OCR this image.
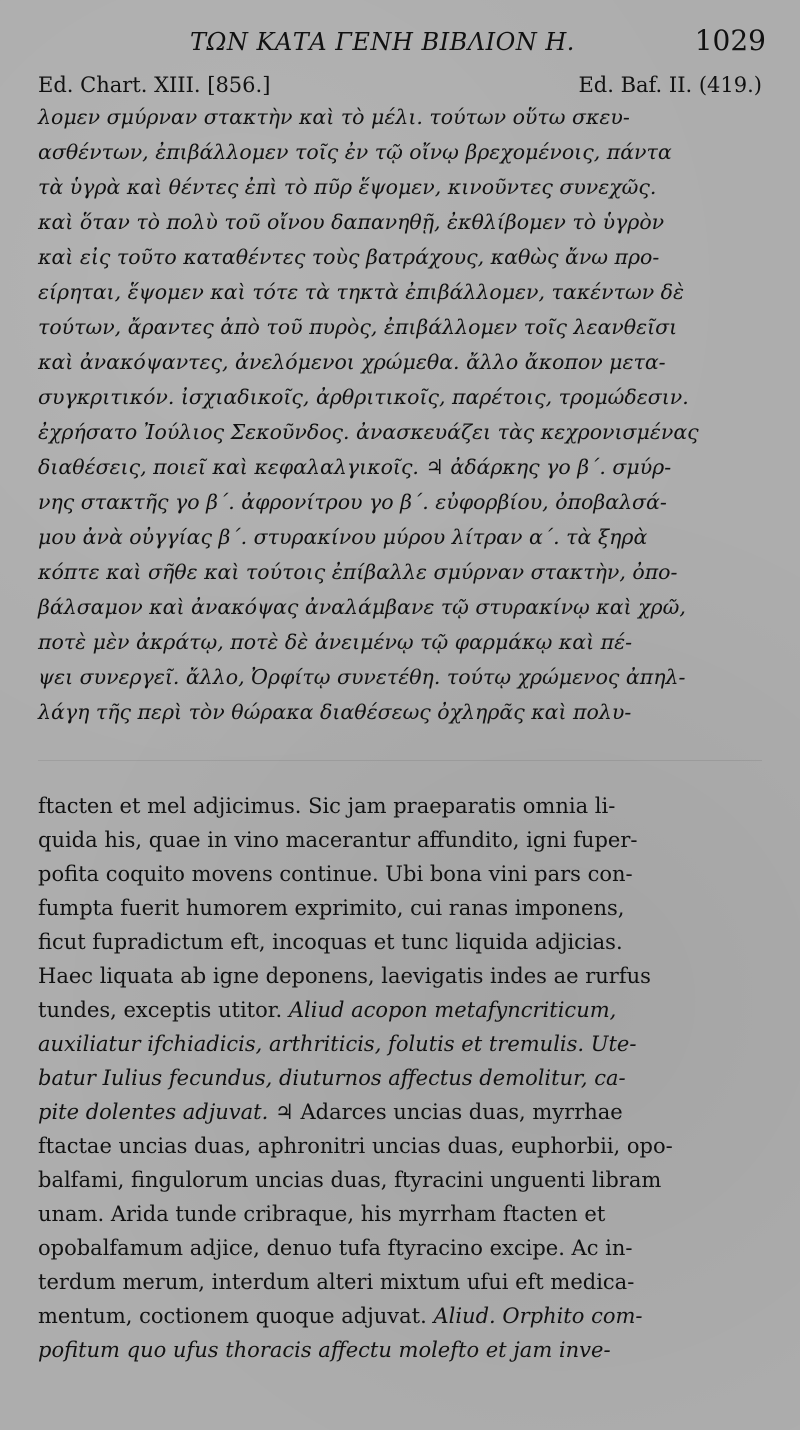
ΤΩΝ ΚΑΤΑ ΓΕΝΗ ΒΙΒΛΙΟΝ Η.	1029
Ed. Chart. XIII. [856.]	Ed. Baf. II. (419.)
λομεν σμύρναν στακτὴν καὶ τὸ μέλι. τούτων οὕτω σκευ-
ασθέντων, ἐπιβάλλομεν τοῖς ἐν τῷ οἴνῳ βρεχομένοις, πάντα
τὰ ὑγρὰ καὶ θέντες ἐπὶ τὸ πῦρ ἕψομεν, κινοῦντες συνεχῶς.
καὶ ὅταν τὸ πολὺ τοῦ οἴνου δαπανηθῇ, ἐκθλίβομεν τὸ ὑγρὸν
καὶ εἰς τοῦτο καταθέντες τοὺς βατράχους, καθὼς ἄνω προ-
είρηται, ἕψομεν καὶ τότε τὰ τηκτὰ ἐπιβάλλομεν, τακέντων δὲ
τούτων, ἄραντες ἀπὸ τοῦ πυρὸς, ἐπιβάλλομεν τοῖς λεανθεῖσι
καὶ ἀνακόψαντες, ἀνελόμενοι χρώμεθα. ἄλλο ἄκοπον μετα-
συγκριτικόν. ἰσχιαδικοῖς, ἀρθριτικοῖς, παρέτοις, τρομώδεσιν.
ἐχρήσατο Ἰούλιος Σεκοῦνδος. ἀνασκευάζει τὰς κεχρονισμένας
διαθέσεις, ποιεῖ καὶ κεφαλαλγικοῖς. ♃ ἀδάρκης γο β΄. σμύρ-
νης στακτῆς γο β΄. ἀφρονίτρου γο β΄. εὐφορβίου, ὀποβαλσά-
μου ἀνὰ οὐγγίας β΄. στυρακίνου μύρου λίτραν α΄. τὰ ξηρὰ
κόπτε καὶ σῆθε καὶ τούτοις ἐπίβαλλε σμύρναν στακτὴν, ὀπο-
βάλσαμον καὶ ἀνακόψας ἀναλάμβανε τῷ στυρακίνῳ καὶ χρῶ,
ποτὲ μὲν ἀκράτῳ, ποτὲ δὲ ἀνειμένῳ τῷ φαρμάκῳ καὶ πέ-
ψει συνεργεῖ. ἄλλο, Ὀρφίτῳ συνετέθη. τούτῳ χρώμενος ἀπηλ-
λάγη τῆς περὶ τὸν θώρακα διαθέσεως ὀχληρᾶς καὶ πολυ-
ftacten et mel adjicimus. Sic jam praeparatis omnia li-
quida his, quae in vino macerantur affundito, igni fuper-
pofita coquito movens continue. Ubi bona vini pars con-
fumpta fuerit humorem exprimito, cui ranas imponens,
ficut fupradictum eft, incoquas et tunc liquida adjicias.
Haec liquata ab igne deponens, laevigatis indes ae rurfus
tundes, exceptis utitor. Aliud acopon metafyncriticum,
auxiliatur ifchiadicis, arthriticis, folutis et tremulis. Ute-
batur Iulius fecundus, diuturnos affectus demolitur, ca-
pite dolentes adjuvat. ♃ Adarces uncias duas, myrrhae
ftactae uncias duas, aphronitri uncias duas, euphorbii, opo-
balfami, fingulorum uncias duas, ftyracini unguenti libram
unam. Arida tunde cribraque, his myrrham ftacten et
opobalfamum adjice, denuo tufa ftyracino excipe. Ac in-
terdum merum, interdum alteri mixtum ufui eft medica-
mentum, coctionem quoque adjuvat. Aliud. Orphito com-
pofitum quo ufus thoracis affectu molefto et jam inve-
